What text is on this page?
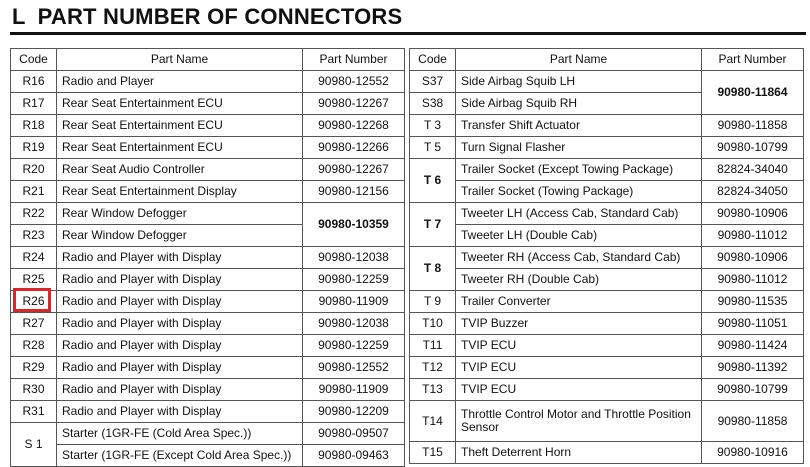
L PART NUMBER OF CONNECTORS
Code	Part Name	Part Number
R16	Radio and Player	90980-12552
R17	Rear Seat Entertainment ECU	90980-12267
R18	Rear Seat Entertainment ECU	90980-12268
R19	Rear Seat Entertainment ECU	90980-12266
R20	Rear Seat Audio Controller	90980-12267
R21	Rear Seat Entertainment Display	90980-12156
R22	Rear Window Defogger	90980-10359
R23	Rear Window Defogger	
R24	Radio and Player with Display	90980-12038
R25	Radio and Player with Display	90980-12259
R26	Radio and Player with Display	90980-11909
R27	Radio and Player with Display	90980-12038
R28	Radio and Player with Display	90980-12259
R29	Radio and Player with Display	90980-12552
R30	Radio and Player with Display	90980-11909
R31	Radio and Player with Display	90980-12209
S 1	Starter (1GR-FE (Cold Area Spec.))	90980-09507
	Starter (1GR-FE (Except Cold Area Spec.))	90980-09463
Code	Part Name	Part Number
S37	Side Airbag Squib LH	90980-11864
S38	Side Airbag Squib RH	
T 3	Transfer Shift Actuator	90980-11858
T 5	Turn Signal Flasher	90980-10799
T 6	Trailer Socket (Except Towing Package)	82824-34040
	Trailer Socket (Towing Package)	82824-34050
T 7	Tweeter LH (Access Cab, Standard Cab)	90980-10906
	Tweeter LH (Double Cab)	90980-11012
T 8	Tweeter RH (Access Cab, Standard Cab)	90980-10906
	Tweeter RH (Double Cab)	90980-11012
T 9	Trailer Converter	90980-11535
T10	TVIP Buzzer	90980-11051
T11	TVIP ECU	90980-11424
T12	TVIP ECU	90980-11392
T13	TVIP ECU	90980-10799
T14	Throttle Control Motor and Throttle Position Sensor	90980-11858
T15	Theft Deterrent Horn	90980-10916
